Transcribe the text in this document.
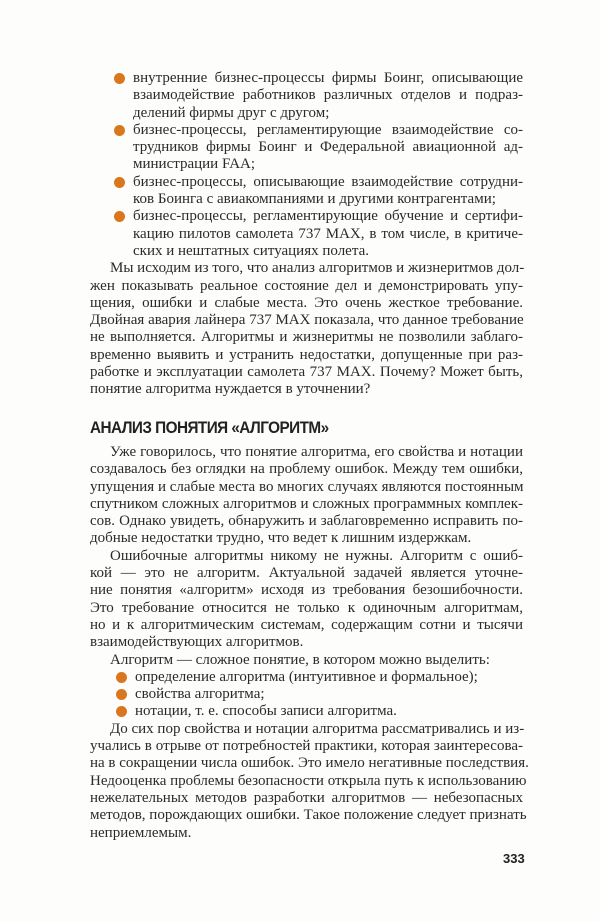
внутренние бизнес-процессы фирмы Боинг, описывающие
взаимодействие работников различных отделов и подраз-
делений фирмы друг с другом;
бизнес-процессы, регламентирующие взаимодействие со-
трудников фирмы Боинг и Федеральной авиационной ад-
министрации FAA;
бизнес-процессы, описывающие взаимодействие сотрудни-
ков Боинга с авиакомпаниями и другими контрагентами;
бизнес-процессы, регламентирующие обучение и сертифи-
кацию пилотов самолета 737 MAX, в том числе, в критиче-
ских и нештатных ситуациях полета.
Мы исходим из того, что анализ алгоритмов и жизнеритмов дол-
жен показывать реальное состояние дел и демонстрировать упу-
щения, ошибки и слабые места. Это очень жесткое требование.
Двойная авария лайнера 737 MAX показала, что данное требование
не выполняется. Алгоритмы и жизнеритмы не позволили заблаго-
временно выявить и устранить недостатки, допущенные при раз-
работке и эксплуатации самолета 737 MAX. Почему? Может быть,
понятие алгоритма нуждается в уточнении?
АНАЛИЗ ПОНЯТИЯ «АЛГОРИТМ»
Уже говорилось, что понятие алгоритма, его свойства и нотации
создавалось без оглядки на проблему ошибок. Между тем ошибки,
упущения и слабые места во многих случаях являются постоянным
спутником сложных алгоритмов и сложных программных комплек-
сов. Однако увидеть, обнаружить и заблаговременно исправить по-
добные недостатки трудно, что ведет к лишним издержкам.
Ошибочные алгоритмы никому не нужны. Алгоритм с ошиб-
кой — это не алгоритм. Актуальной задачей является уточне-
ние понятия «алгоритм» исходя из требования безошибочности.
Это требование относится не только к одиночным алгоритмам,
но и к алгоритмическим системам, содержащим сотни и тысячи
взаимодействующих алгоритмов.
Алгоритм — сложное понятие, в котором можно выделить:
определение алгоритма (интуитивное и формальное);
свойства алгоритма;
нотации, т. е. способы записи алгоритма.
До сих пор свойства и нотации алгоритма рассматривались и из-
учались в отрыве от потребностей практики, которая заинтересова-
на в сокращении числа ошибок. Это имело негативные последствия.
Недооценка проблемы безопасности открыла путь к использованию
нежелательных методов разработки алгоритмов — небезопасных
методов, порождающих ошибки. Такое положение следует признать
неприемлемым.
333
